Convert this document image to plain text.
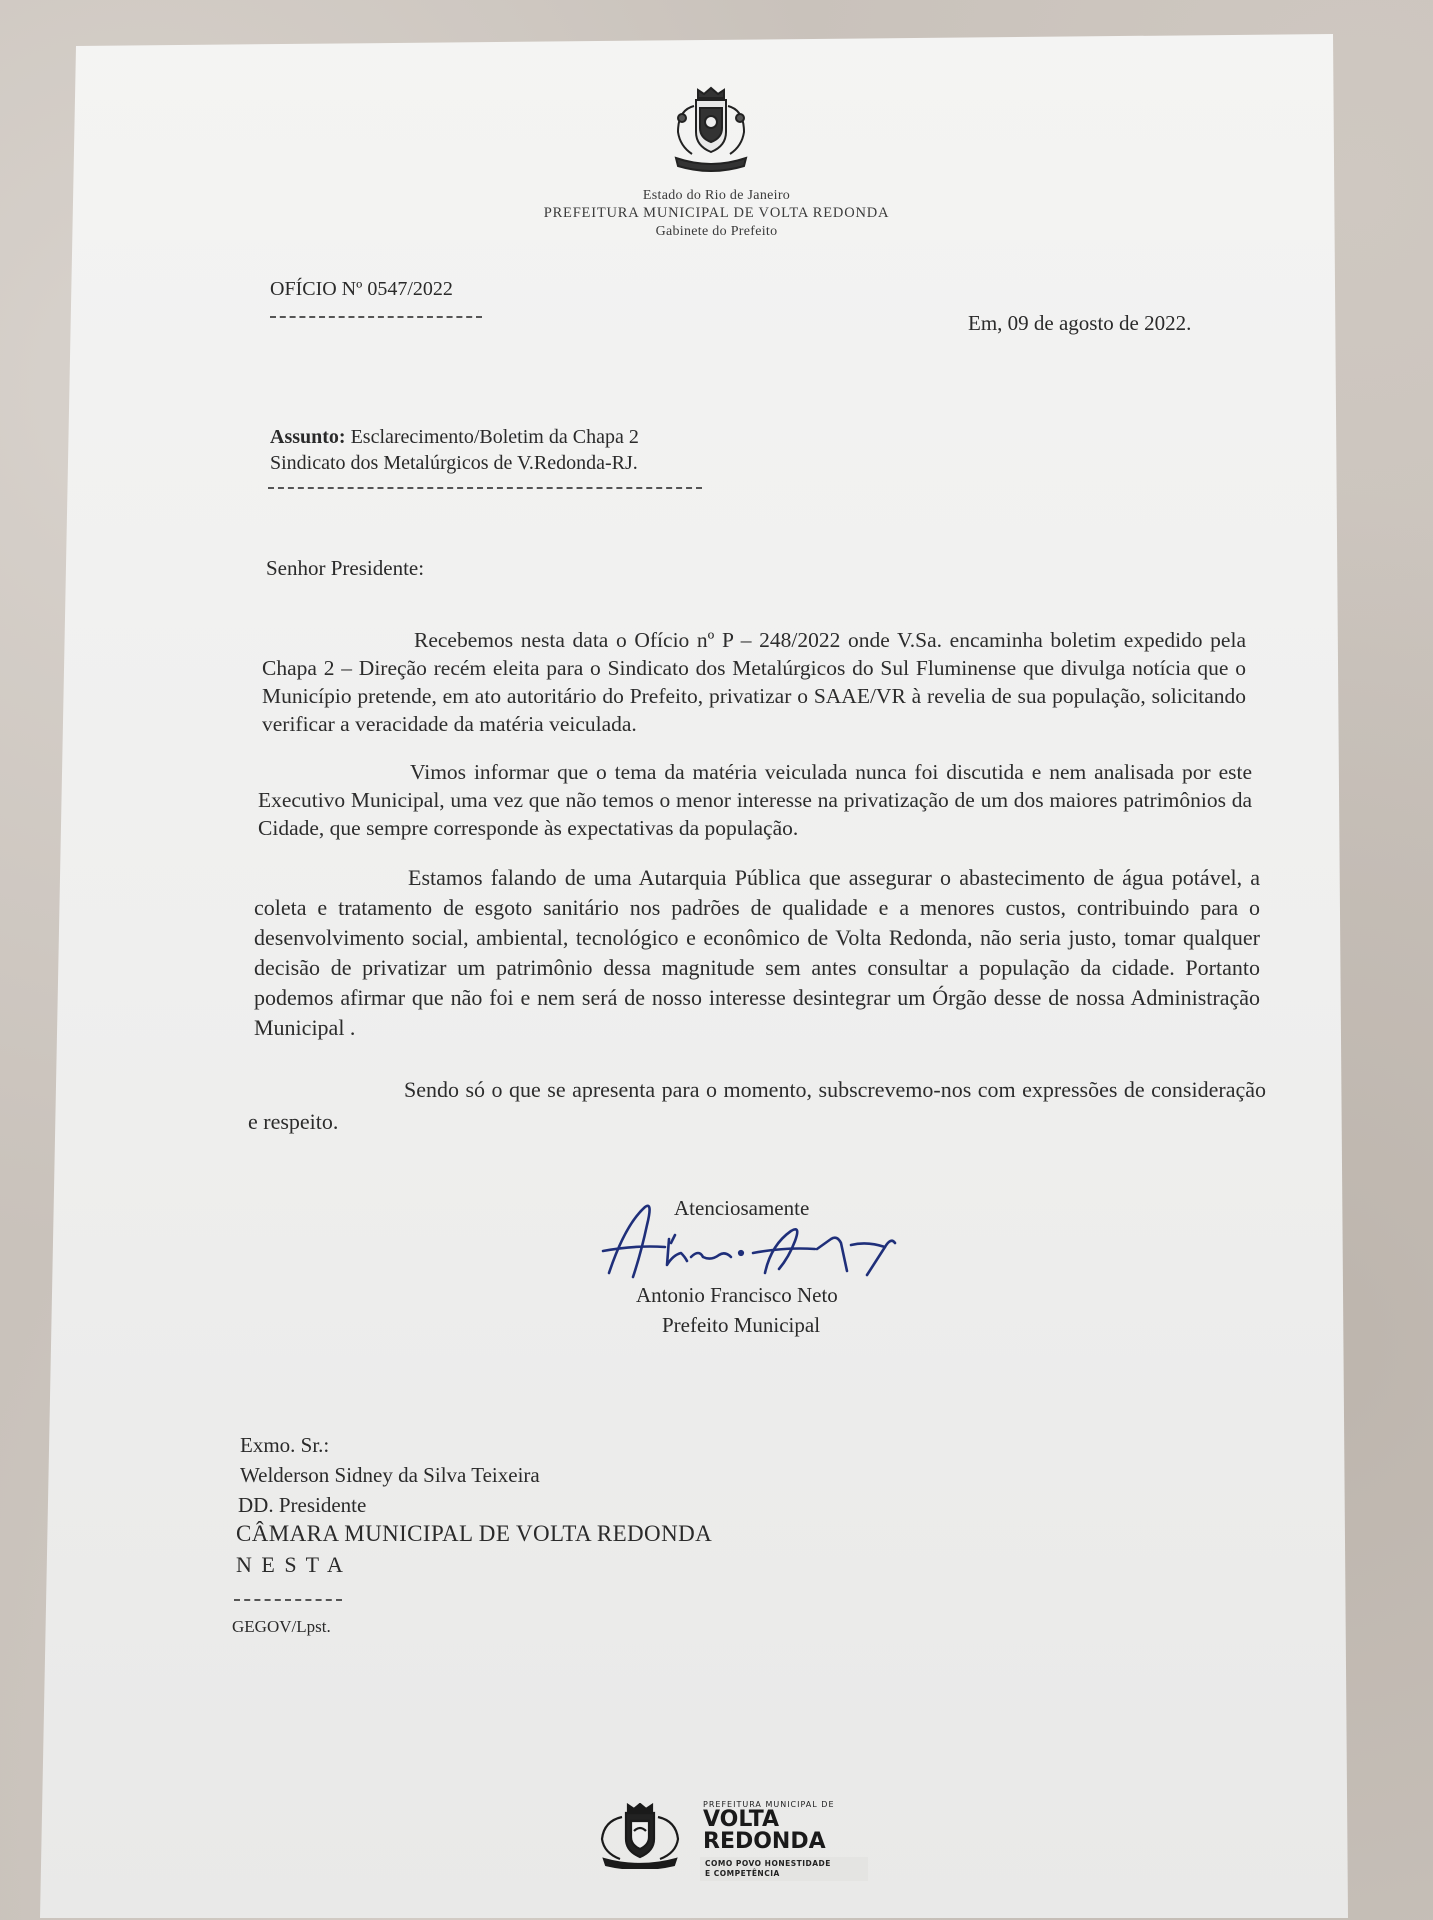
Estado do Rio de Janeiro
PREFEITURA MUNICIPAL DE VOLTA REDONDA
Gabinete do Prefeito
OFÍCIO Nº 0547/2022
Em, 09 de agosto de 2022.
Assunto: Esclarecimento/Boletim da Chapa 2
Sindicato dos Metalúrgicos de V.Redonda-RJ.
Senhor Presidente:
Recebemos nesta data o Ofício nº P – 248/2022 onde V.Sa. encaminha boletim expedido pela Chapa 2 – Direção recém eleita para o Sindicato dos Metalúrgicos do Sul Fluminense que divulga notícia que o Município pretende, em ato autoritário do Prefeito, privatizar o SAAE/VR à revelia de sua população, solicitando verificar a veracidade da matéria veiculada.
Vimos informar que o tema da matéria veiculada nunca foi discutida e nem analisada por este Executivo Municipal, uma vez que não temos o menor interesse na privatização de um dos maiores patrimônios da Cidade, que sempre corresponde às expectativas da população.
Estamos falando de uma Autarquia Pública que assegurar o abastecimento de água potável, a coleta e tratamento de esgoto sanitário nos padrões de qualidade e a menores custos, contribuindo para o desenvolvimento social, ambiental, tecnológico e econômico de Volta Redonda, não seria justo, tomar qualquer decisão de privatizar um patrimônio dessa magnitude sem antes consultar a população da cidade. Portanto podemos afirmar que não foi e nem será de nosso interesse desintegrar um Órgão desse de nossa Administração Municipal .
Sendo só o que se apresenta para o momento, subscrevemo-nos com expressões de consideração e respeito.
Atenciosamente
Antonio Francisco Neto
Prefeito Municipal
Exmo. Sr.:
Welderson Sidney da Silva Teixeira
DD. Presidente
CÂMARA MUNICIPAL DE VOLTA REDONDA
N E S T A
GEGOV/Lpst.
PREFEITURA MUNICIPAL DE
VOLTA
REDONDA
COMO POVO HONESTIDADE
E COMPETÊNCIA
